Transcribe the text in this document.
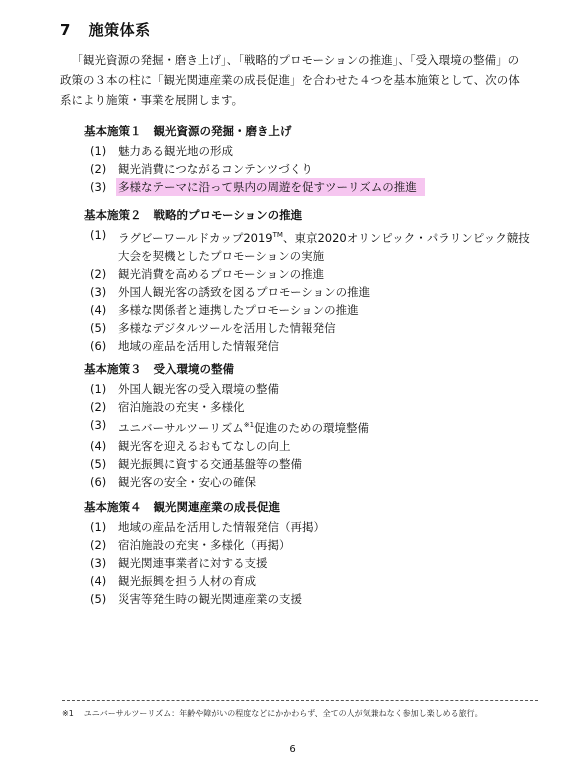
7 施策体系

「観光資源の発掘・磨き上げ」、「戦略的プロモーションの推進」、「受入環境の整備」の政策の３本の柱に「観光関連産業の成長促進」を合わせた４つを基本施策として、次の体系により施策・事業を展開します。

基本施策１ 観光資源の発掘・磨き上げ
(1)	魅力ある観光地の形成
(2)	観光消費につながるコンテンツづくり
(3)	多様なテーマに沿って県内の周遊を促すツーリズムの推進
基本施策２ 戦略的プロモーションの推進
(1)	ラグビーワールドカップ2019™、東京2020オリンピック・パラリンピック競技大会を契機としたプロモーションの実施
(2)	観光消費を高めるプロモーションの推進
(3)	外国人観光客の誘致を図るプロモーションの推進
(4)	多様な関係者と連携したプロモーションの推進
(5)	多様なデジタルツールを活用した情報発信
(6)	地域の産品を活用した情報発信
基本施策３ 受入環境の整備
(1)	外国人観光客の受入環境の整備
(2)	宿泊施設の充実・多様化
(3)	ユニバーサルツーリズム$^{※1}$促進のための環境整備
(4)	観光客を迎えるおもてなしの向上
(5)	観光振興に資する交通基盤等の整備
(6)	観光客の安全・安心の確保
基本施策４ 観光関連産業の成長促進
(1)	地域の産品を活用した情報発信（再掲）
(2)	宿泊施設の充実・多様化（再掲）
(3)	観光関連事業者に対する支援
(4)	観光振興を担う人材の育成
(5)	災害等発生時の観光関連産業の支援
※1 ユニバーサルツーリズム：年齢や障がいの程度などにかかわらず、全ての人が気兼ねなく参加し楽しめる旅行。
6
